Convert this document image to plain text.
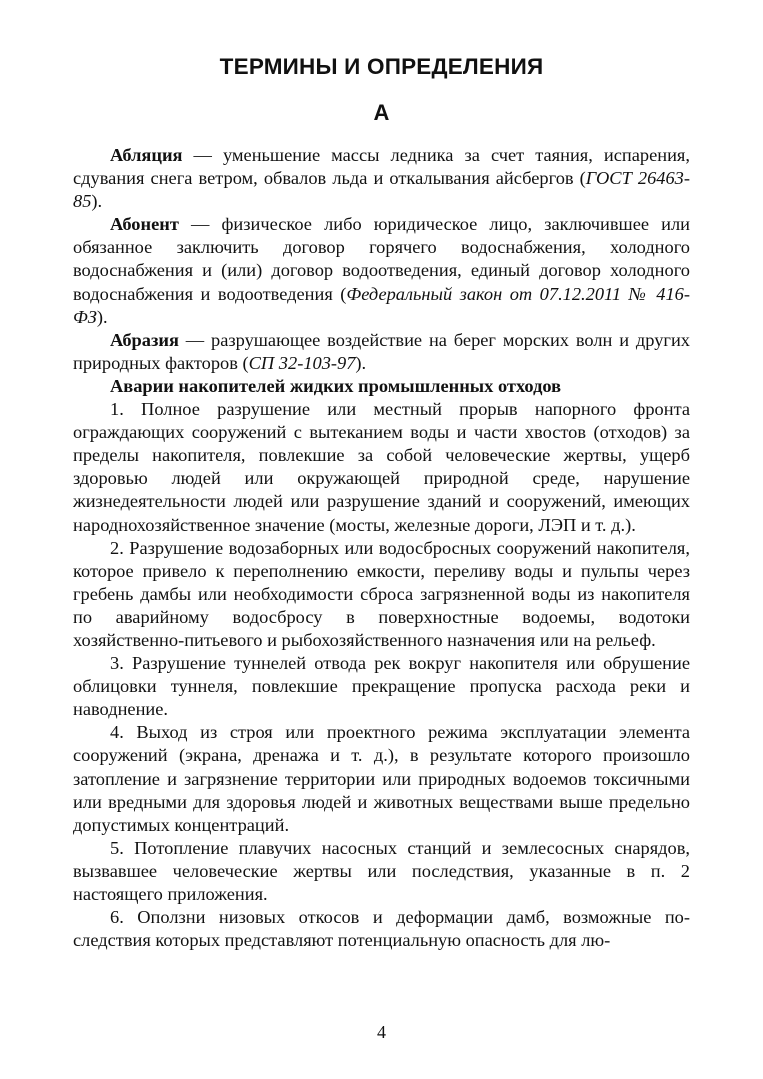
ТЕРМИНЫ И ОПРЕДЕЛЕНИЯ
А

Абляция — уменьшение массы ледника за счет таяния, испарения, сдувания снега ветром, обвалов льда и откалывания айсбергов (ГОСТ 26463-85).

Абонент — физическое либо юридическое лицо, заключившее или обязанное заключить договор горячего водоснабжения, холодного водоснабжения и (или) договор водоотведения, единый договор холодного водоснабжения и водоотведения (Федеральный закон от 07.12.2011 № 416-ФЗ).

Абразия — разрушающее воздействие на берег морских волн и других природных факторов (СП 32-103-97).

Аварии накопителей жидких промышленных отходов

1. Полное разрушение или местный прорыв напорного фронта ограждающих сооружений с вытеканием воды и части хвостов (отходов) за пределы накопителя, повлекшие за собой человеческие жертвы, ущерб здоровью людей или окружающей природной среде, нарушение жизнедеятельности людей или разрушение зданий и сооружений, имеющих народнохозяйственное значение (мосты, железные дороги, ЛЭП и т. д.).

2. Разрушение водозаборных или водосбросных сооружений накопителя, которое привело к переполнению емкости, переливу воды и пульпы через гребень дамбы или необходимости сброса загрязненной воды из накопителя по аварийному водосбросу в поверхностные водоемы, водотоки хозяйственно-питьевого и рыбохозяйственного назначения или на рельеф.

3. Разрушение туннелей отвода рек вокруг накопителя или обрушение облицовки туннеля, повлекшие прекращение пропуска расхода реки и наводнение.

4. Выход из строя или проектного режима эксплуатации элемента сооружений (экрана, дренажа и т. д.), в результате которого произошло затопление и загрязнение территории или природных водоемов токсичными или вредными для здоровья людей и животных веществами выше предельно допустимых концентраций.

5. Потопление плавучих насосных станций и землесосных снарядов, вызвавшее человеческие жертвы или последствия, указанные в п. 2 настоящего приложения.

6. Оползни низовых откосов и деформации дамб, возможные последствия которых представляют потенциальную опасность для лю-

4
